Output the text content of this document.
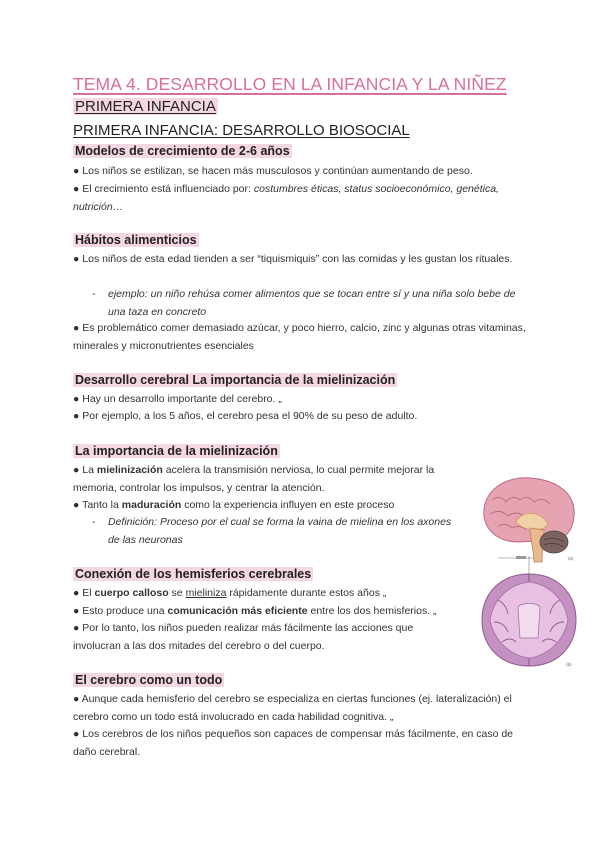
TEMA 4. DESARROLLO EN LA INFANCIA Y LA NIÑEZ
PRIMERA INFANCIA
PRIMERA INFANCIA: DESARROLLO BIOSOCIAL
Modelos de crecimiento de 2-6 años
● Los niños se estilizan, se hacen más musculosos y continúan aumentando de peso.
● El crecimiento está influenciado por: costumbres éticas, status socioeconómico, genética, nutrición…
Hábitos alimenticios
● Los niños de esta edad tienden a ser “tiquismiquis” con las comidas y les gustan los rituales.
-	ejemplo: un niño rehúsa comer alimentos que se tocan entre sí y una niña solo bebe de una taza en concreto
● Es problemático comer demasiado azúcar, y poco hierro, calcio, zinc y algunas otras vitaminas, minerales y micronutrientes esenciales
Desarrollo cerebral La importancia de la mielinización
● Hay un desarrollo importante del cerebro. „
● Por ejemplo, a los 5 años, el cerebro pesa el 90% de su peso de adulto.
La importancia de la mielinización
● La mielinización acelera la transmisión nerviosa, lo cual permite mejorar la memoria, controlar los impulsos, y centrar la atención.
● Tanto la maduración como la experiencia influyen en este proceso
-	Definición: Proceso por el cual se forma la vaina de mielina en los axones de las neuronas
Conexión de los hemisferios cerebrales
● El cuerpo calloso se mieliniza rápidamente durante estos años „
● Esto produce una comunicación más eficiente entre los dos hemisferios. „
● Por lo tanto, los niños pueden realizar más fácilmente las acciones que involucran a las dos mitades del cerebro o del cuerpo.
El cerebro como un todo
● Aunque cada hemisferio del cerebro se especializa en ciertas funciones (ej. lateralización) el cerebro como un todo está involucrado en cada habilidad cognitiva. „
● Los cerebros de los niños pequeños son capaces de compensar más fácilmente, en caso de daño cerebral.
(a)
(b)
